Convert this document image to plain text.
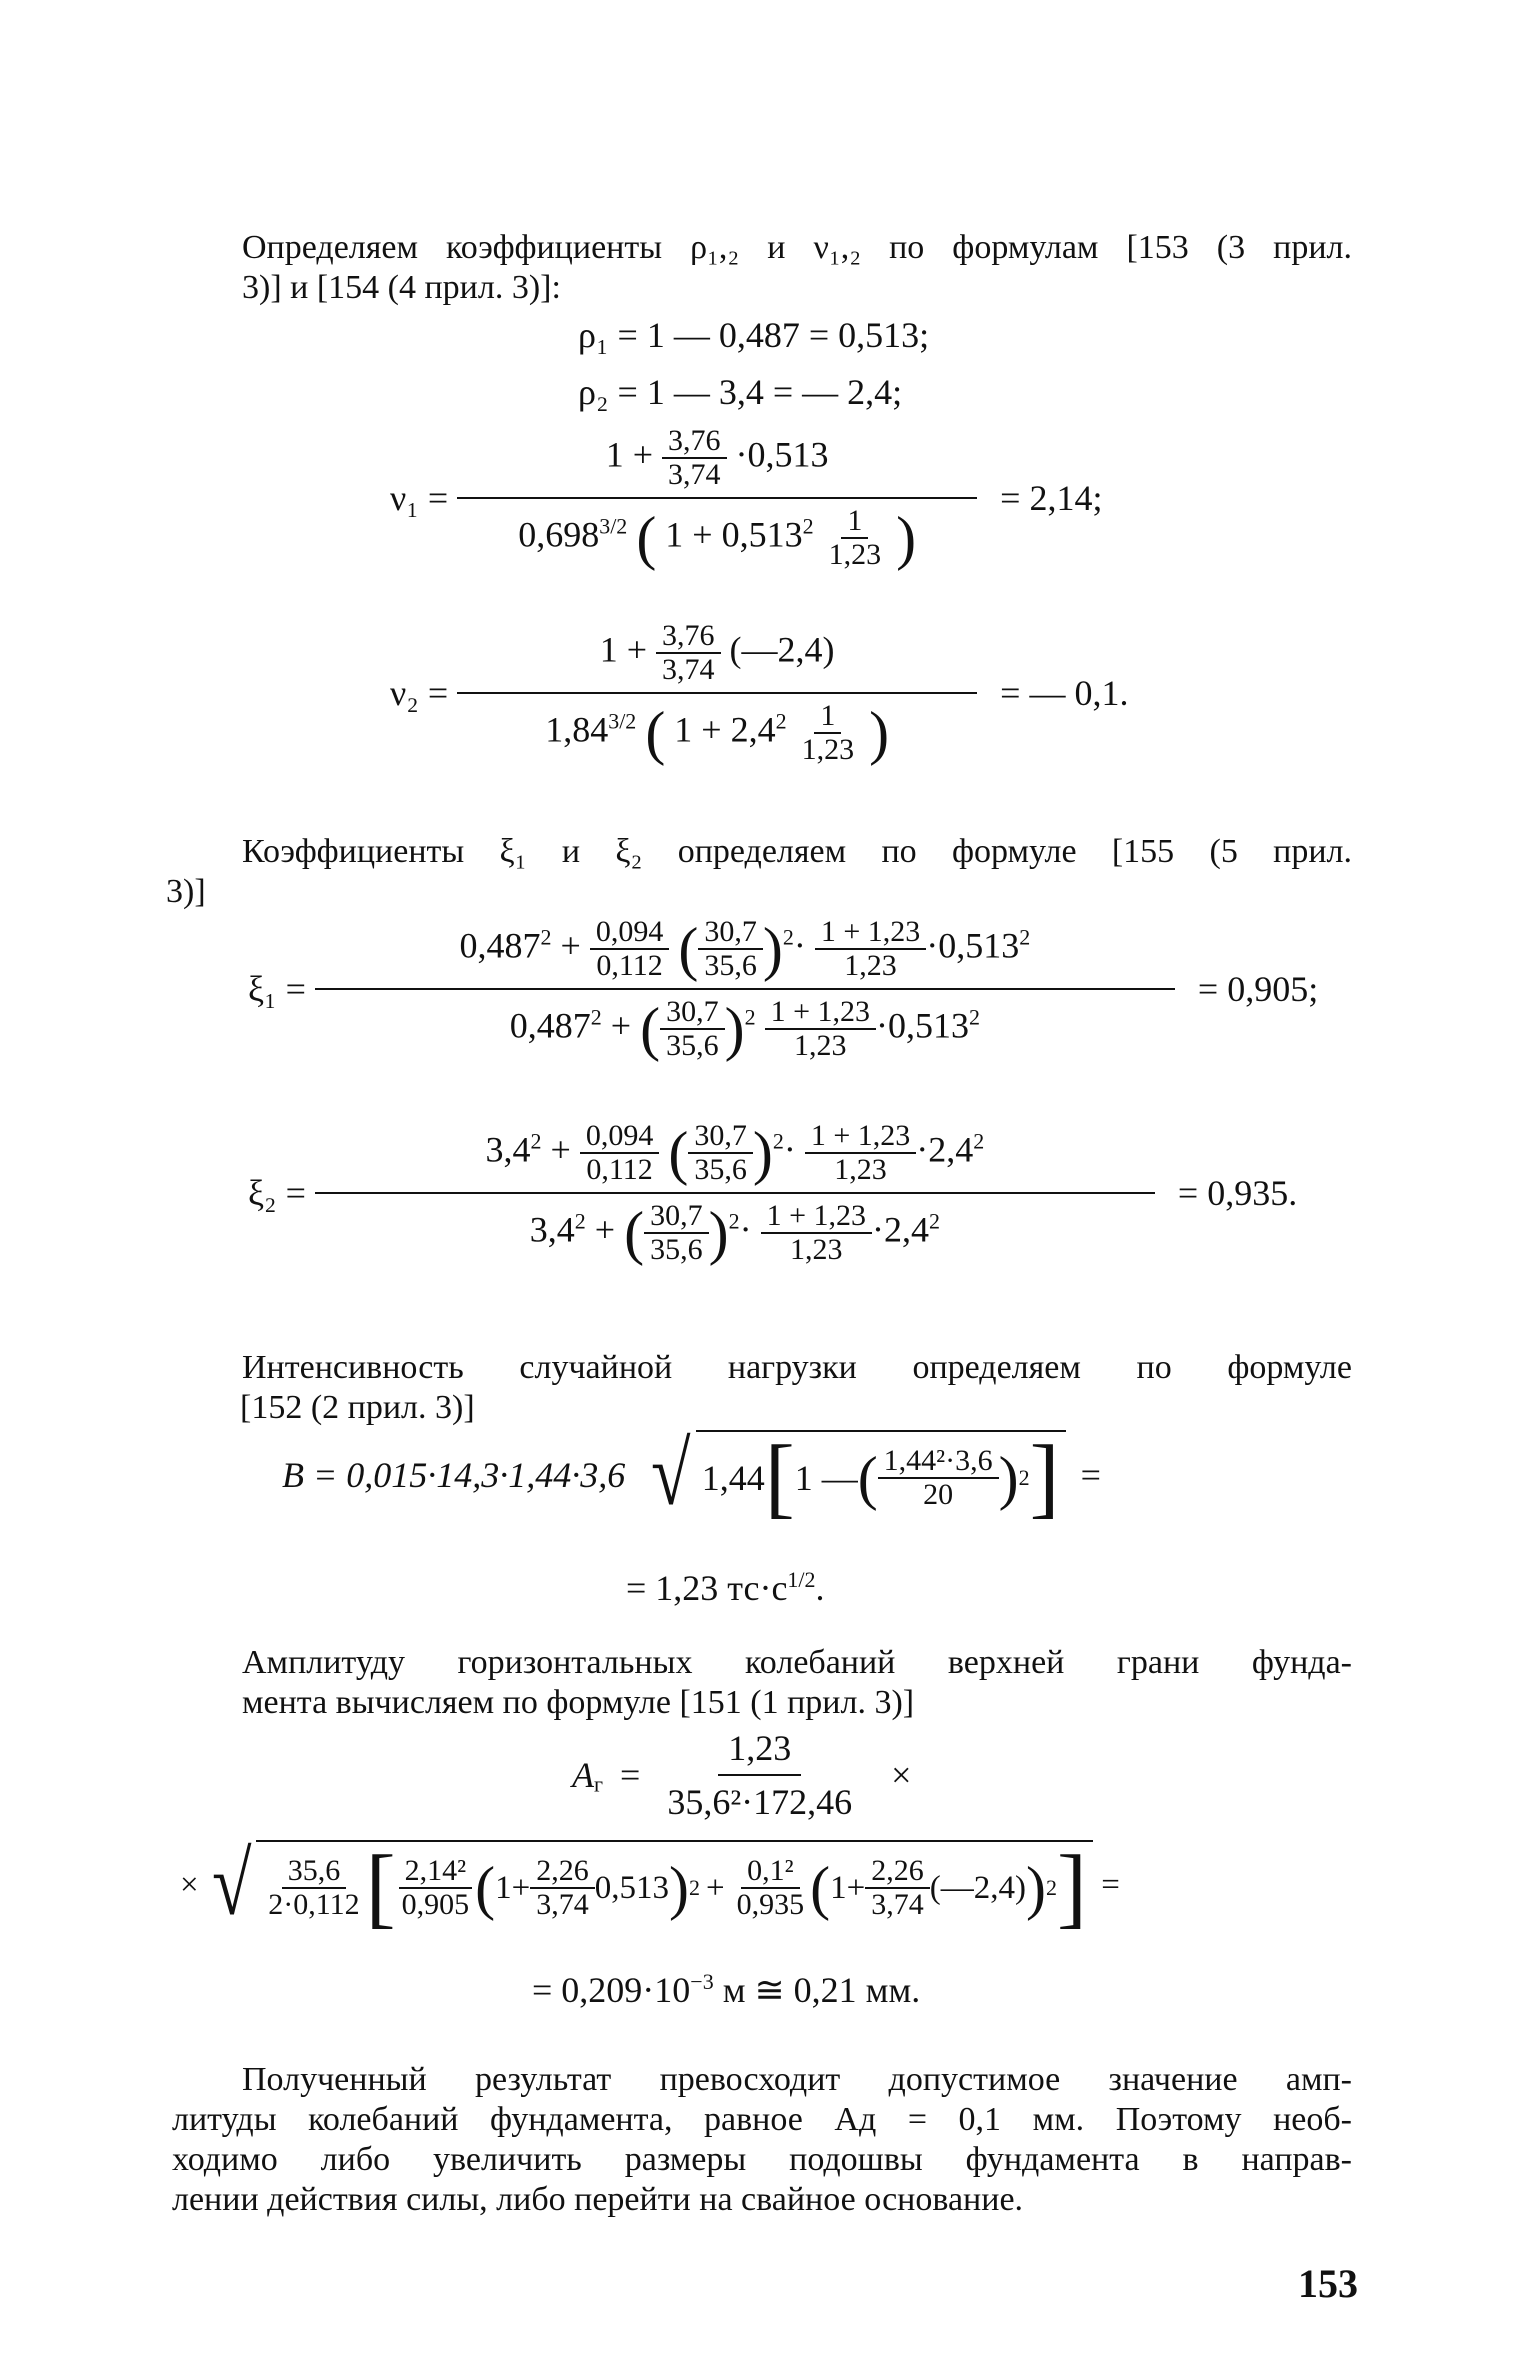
Определяем коэффициенты ρ₁,₂ и ν₁,₂ по формулам [153 (3 прил.
3)] и [154 (4 прил. 3)]:
ρ₁ = 1 — 0,487 = 0,513;
ρ₂ = 1 — 3,4 = — 2,4;
ν₁ =
$1 + \frac{3,76}{3,74} \cdot 0,513$
$0,698^{3/2}$ ( $1 + 0,513^2 \frac{1}{1,23}$ )
= 2,14;
ν₂ =
$1 + \frac{3,76}{3,74}$ (—2,4)
$1,84^{3/2}$ ( $1 + 2,4^2 \frac{1}{1,23}$ )
= — 0,1.
Коэффициенты ξ₁ и ξ₂ определяем по формуле [155 (5 прил.
3)]
ξ₁ =
$0,487^2 + \frac{0,094}{0,112}$ ( $\frac{30,7}{35,6} )^2\cdot \frac{1 + 1,23}{1,23} \cdot 0,513^2$
$0,487^2$ + ( $\frac{30,7}{35,6} )^2 \frac{1 + 1,23}{1,23} \cdot 0,513^2$
= 0,905;
ξ₂ =
$3,4^2 + \frac{0,094}{0,112}$ ( $\frac{30,7}{35,6} )^2\cdot \frac{1 + 1,23}{1,23} \cdot 2,4^2$
$3,4^2$ + ( $\frac{30,7}{35,6} )^2\cdot \frac{1 + 1,23}{1,23} \cdot 2,4^2$
= 0,935.
Интенсивность случайной нагрузки определяем по формуле
[152 (2 прил. 3)]
B = 0,015·14,3·1,44·3,6 √ 1,44 [ 1 — ( $\frac{\text{1,44²·3,6}}{20}$ ) 2 ] =
= 1,23 $тс\cdot с^{1/2}$.
Амплитуду горизонтальных колебаний верхней грани фунда-
мента вычисляем по формуле [151 (1 прил. 3)]
$A_г = \frac{1,23}{\text{35,6²·172,46}}$ ×
× √ $\frac{35,6}{2\cdot 0,112}$ [ $\frac{\text{2,14²}}{0,905}$ ( $1+ \frac{2,26}{3,74} 0,513$ ) $2 + \frac{\text{0,1²}}{0,935}$ ( $1+ \frac{2,26}{3,74}$ (—2,4) ) 2 ] =
= $0,209\cdot 10^{-3}$ м ≅ 0,21 мм.
Полученный результат превосходит допустимое значение амп-
литуды колебаний фундамента, равное Aд = 0,1 мм. Поэтому необ-
ходимо либо увеличить размеры подошвы фундамента в направ-
лении действия силы, либо перейти на свайное основание.
153
